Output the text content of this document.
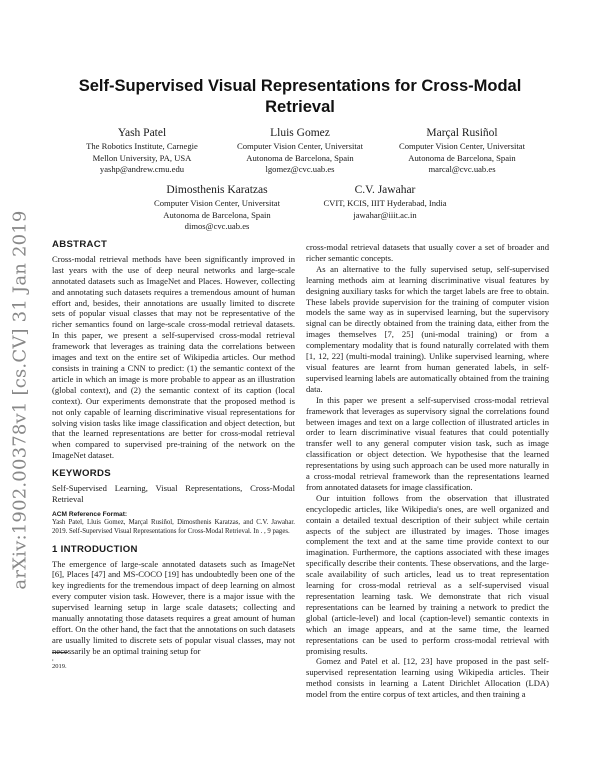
arXiv:1902.00378v1 [cs.CV] 31 Jan 2019
Self-Supervised Visual Representations for Cross-Modal Retrieval
Yash Patel
The Robotics Institute, Carnegie
Mellon University, PA, USA
yashp@andrew.cmu.edu
Lluis Gomez
Computer Vision Center, Universitat
Autonoma de Barcelona, Spain
lgomez@cvc.uab.es
Marçal Rusiñol
Computer Vision Center, Universitat
Autonoma de Barcelona, Spain
marcal@cvc.uab.es
Dimosthenis Karatzas
Computer Vision Center, Universitat
Autonoma de Barcelona, Spain
dimos@cvc.uab.es
C.V. Jawahar
CVIT, KCIS, IIIT Hyderabad, India
jawahar@iiit.ac.in
ABSTRACT

Cross-modal retrieval methods have been significantly improved in last years with the use of deep neural networks and large-scale annotated datasets such as ImageNet and Places. However, collecting and annotating such datasets requires a tremendous amount of human effort and, besides, their annotations are usually limited to discrete sets of popular visual classes that may not be representative of the richer semantics found on large-scale cross-modal retrieval datasets. In this paper, we present a self-supervised cross-modal retrieval framework that leverages as training data the correlations between images and text on the entire set of Wikipedia articles. Our method consists in training a CNN to predict: (1) the semantic context of the article in which an image is more probable to appear as an illustration (global context), and (2) the semantic context of its caption (local context). Our experiments demonstrate that the proposed method is not only capable of learning discriminative visual representations for solving vision tasks like image classification and object detection, but that the learned representations are better for cross-modal retrieval when compared to supervised pre-training of the network on the ImageNet dataset.

KEYWORDS

Self-Supervised Learning, Visual Representations, Cross-Modal Retrieval

ACM Reference Format:

Yash Patel, Lluis Gomez, Marçal Rusiñol, Dimosthenis Karatzas, and C.V. Jawahar. 2019. Self-Supervised Visual Representations for Cross-Modal Retrieval. In . , 9 pages.

1 INTRODUCTION

The emergence of large-scale annotated datasets such as ImageNet [6], Places [47] and MS-COCO [19] has undoubtedly been one of the key ingredients for the tremendous impact of deep learning on almost every computer vision task. However, there is a major issue with the supervised learning setup in large scale datasets; collecting and manually annotating those datasets requires a great amount of human effort. On the other hand, the fact that the annotations on such datasets are usually limited to discrete sets of popular visual classes, may not necessarily be an optimal training setup for

,
2019.

cross-modal retrieval datasets that usually cover a set of broader and richer semantic concepts.

As an alternative to the fully supervised setup, self-supervised learning methods aim at learning discriminative visual features by designing auxiliary tasks for which the target labels are free to obtain. These labels provide supervision for the training of computer vision models the same way as in supervised learning, but the supervisory signal can be directly obtained from the training data, either from the images themselves [7, 25] (uni-modal training) or from a complementary modality that is found naturally correlated with them [1, 12, 22] (multi-modal training). Unlike supervised learning, where visual features are learnt from human generated labels, in self-supervised learning labels are automatically obtained from the training data.

In this paper we present a self-supervised cross-modal retrieval framework that leverages as supervisory signal the correlations found between images and text on a large collection of illustrated articles in order to learn discriminative visual features that could potentially transfer well to any general computer vision task, such as image classification or object detection. We hypothesise that the learned representations by using such approach can be used more naturally in a cross-modal retrieval framework than the representations learned from annotated datasets for image classification.

Our intuition follows from the observation that illustrated encyclopedic articles, like Wikipedia's ones, are well organized and contain a detailed textual description of their subject while certain aspects of the subject are illustrated by images. Those images complement the text and at the same time provide context to our imagination. Furthermore, the captions associated with these images specifically describe their contents. These observations, and the large-scale availability of such articles, lead us to treat representation learning for cross-modal retrieval as a self-supervised visual representation learning task. We demonstrate that rich visual representations can be learned by training a network to predict the global (article-level) and local (caption-level) semantic contexts in which an image appears, and at the same time, the learned representations can be used to perform cross-modal retrieval with promising results.

Gomez and Patel et al. [12, 23] have proposed in the past self-supervised representation learning using Wikipedia articles. Their method consists in learning a Latent Dirichlet Allocation (LDA) model from the entire corpus of text articles, and then training a
